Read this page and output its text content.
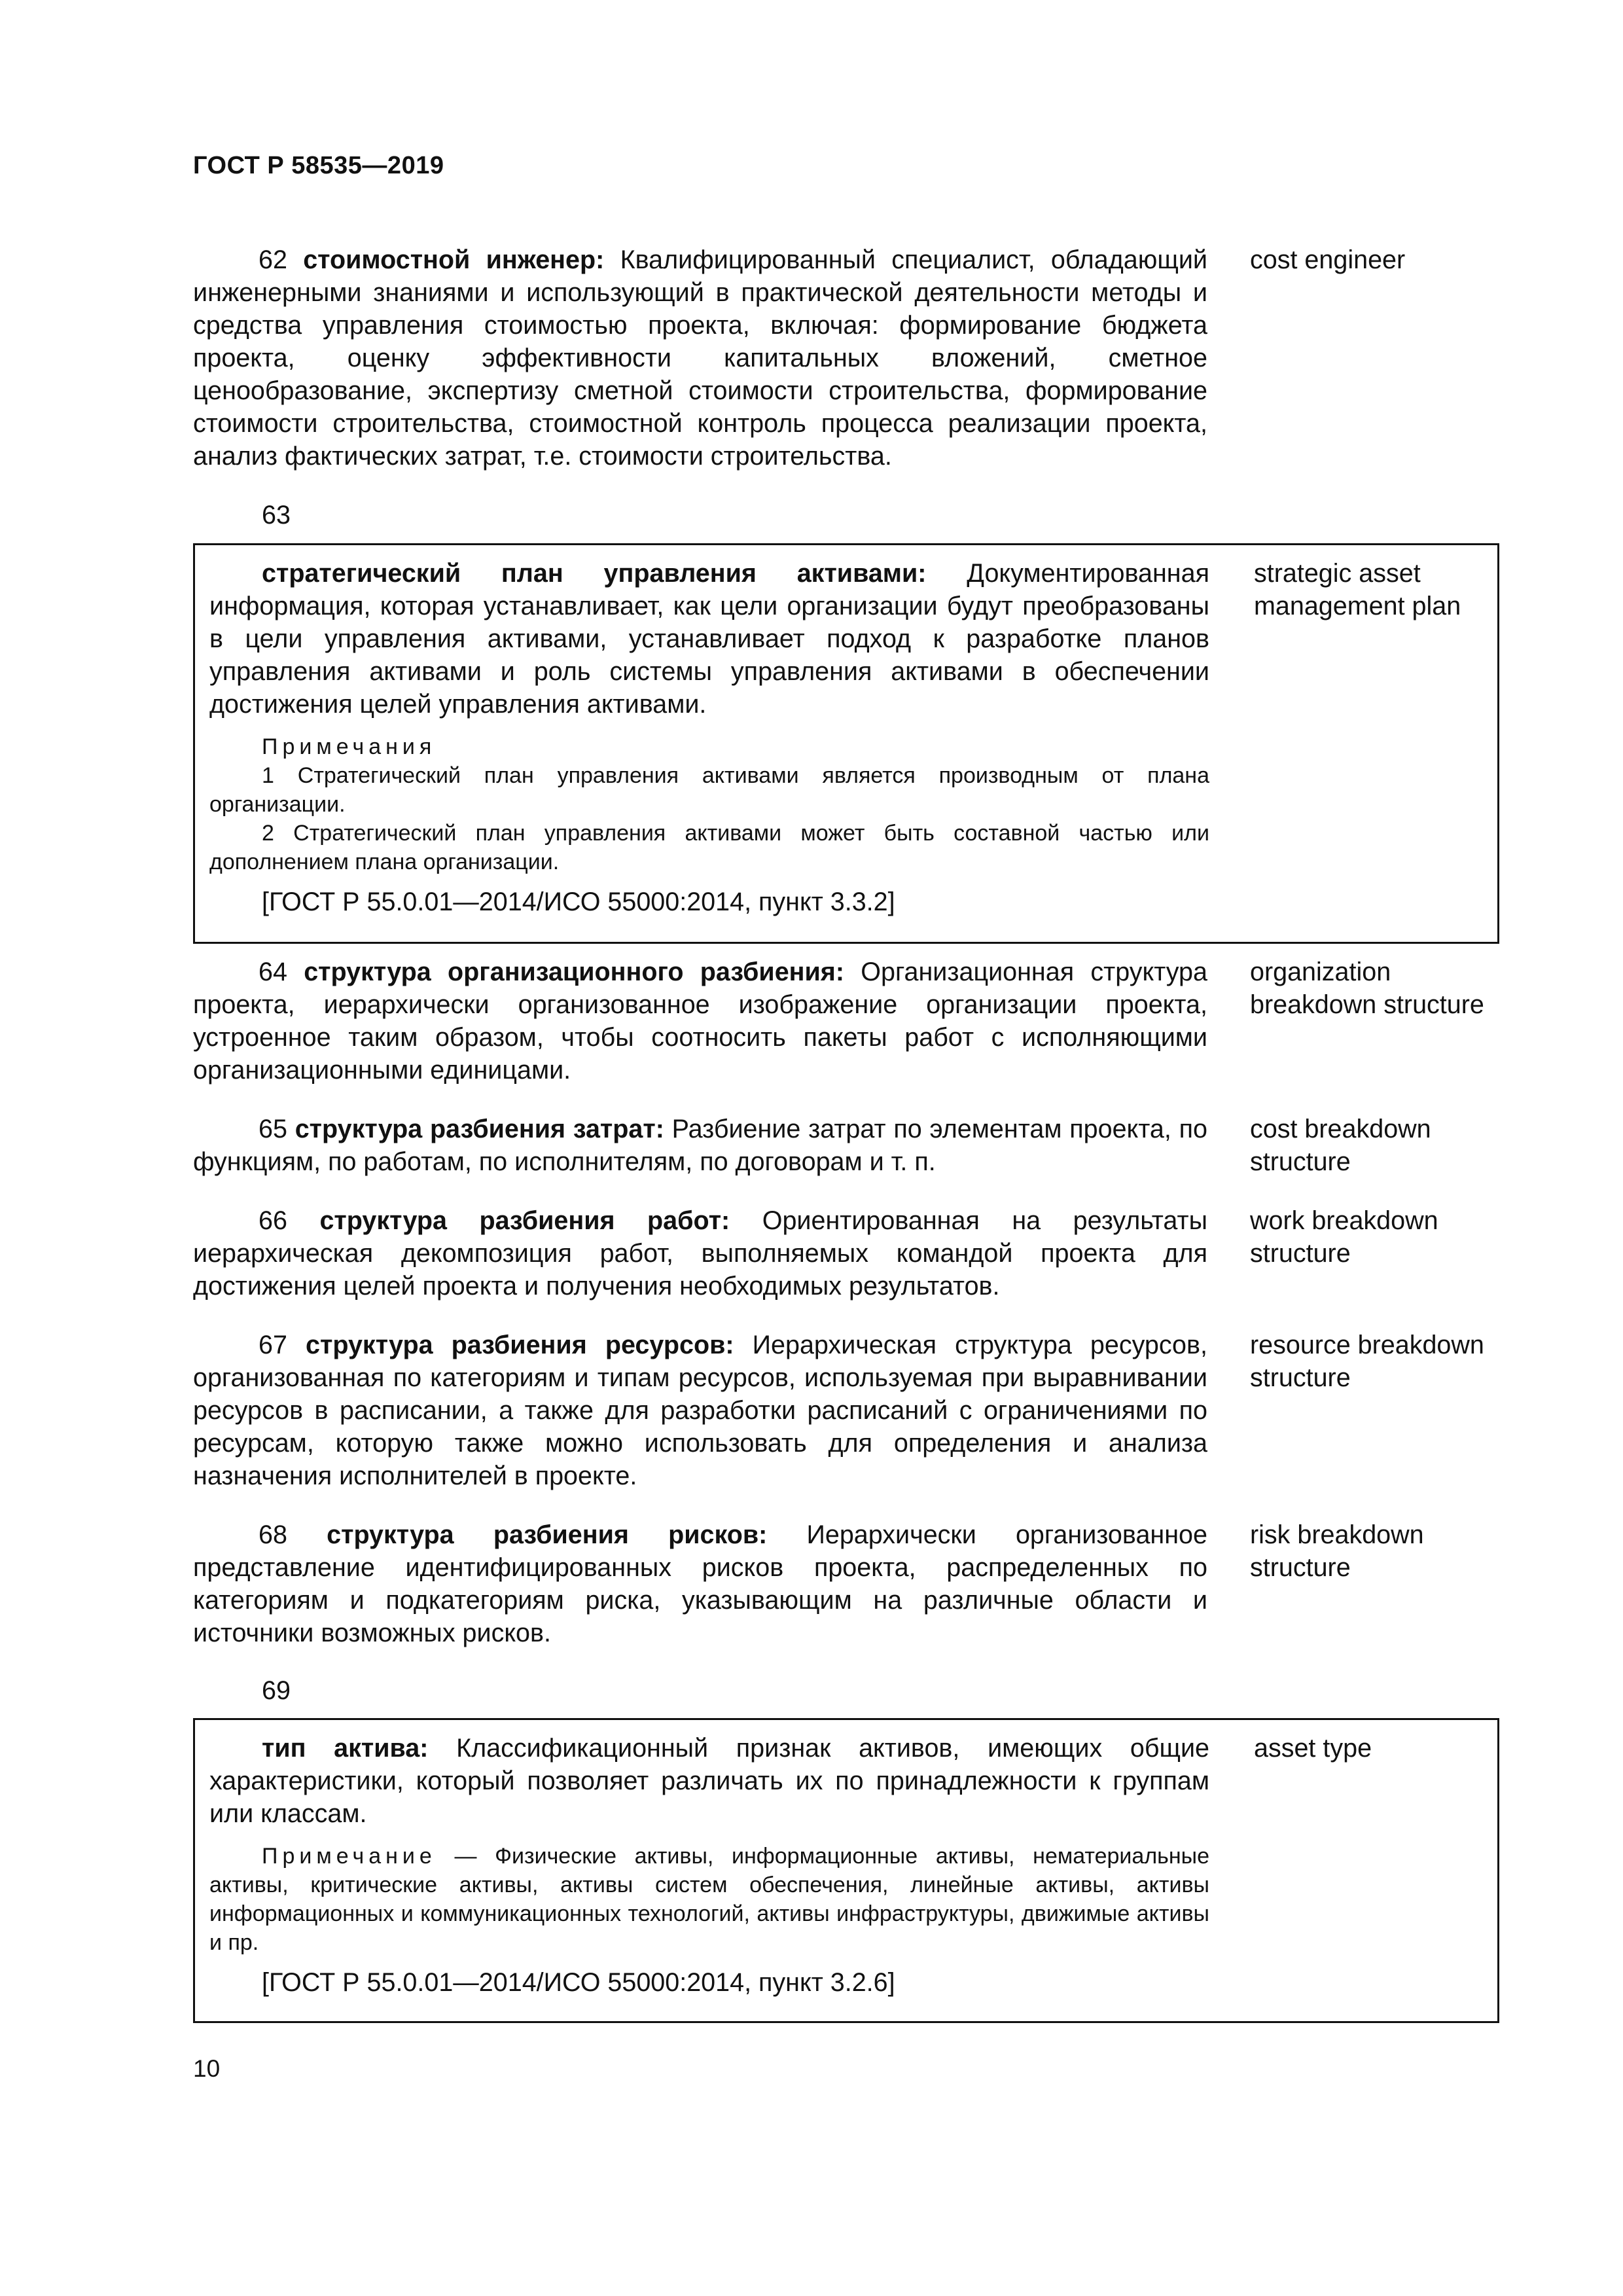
ГОСТ Р 58535—2019

62 стоимостной инженер: Квалифицированный специалист, обладающий инженерными знаниями и использующий в практической деятельности методы и средства управления стоимостью проекта, включая: формирование бюджета проекта, оценку эффективности капитальных вложений, сметное ценообразование, экспертизу сметной стоимости строительства, формирование стоимости строительства, стоимостной контроль процесса реализации проекта, анализ фактических затрат, т.е. стоимости строительства.

cost engineer
63

стратегический план управления активами: Документированная информация, которая устанавливает, как цели организации будут преобразованы в цели управления активами, устанавливает подход к разработке планов управления активами и роль системы управления активами в обеспечении достижения целей управления активами.

Примечания

1 Стратегический план управления активами является производным от плана организации.

2 Стратегический план управления активами может быть составной частью или дополнением плана организации.

[ГОСТ Р 55.0.01—2014/ИСО 55000:2014, пункт 3.3.2]
strategic asset management plan

64 структура организационного разбиения: Организационная структура проекта, иерархически организованное изображение организации проекта, устроенное таким образом, чтобы соотносить пакеты работ с исполняющими организационными единицами.

organization breakdown structure

65 структура разбиения затрат: Разбиение затрат по элементам проекта, по функциям, по работам, по исполнителям, по договорам и т. п.

cost breakdown structure

66 структура разбиения работ: Ориентированная на результаты иерархическая декомпозиция работ, выполняемых командой проекта для достижения целей проекта и получения необходимых результатов.

work breakdown structure

67 структура разбиения ресурсов: Иерархическая структура ресурсов, организованная по категориям и типам ресурсов, используемая при выравнивании ресурсов в расписании, а также для разработки расписаний с ограничениями по ресурсам, которую также можно использовать для определения и анализа назначения исполнителей в проекте.

resource breakdown structure

68 структура разбиения рисков: Иерархически организованное представление идентифицированных рисков проекта, распределенных по категориям и подкатегориям риска, указывающим на различные области и источники возможных рисков.

risk breakdown structure
69

тип актива: Классификационный признак активов, имеющих общие характеристики, который позволяет различать их по принадлежности к группам или классам.

Примечание — Физические активы, информационные активы, нематериальные активы, критические активы, активы систем обеспечения, линейные активы, активы информационных и коммуникационных технологий, активы инфраструктуры, движимые активы и пр.

[ГОСТ Р 55.0.01—2014/ИСО 55000:2014, пункт 3.2.6]
asset type
10
